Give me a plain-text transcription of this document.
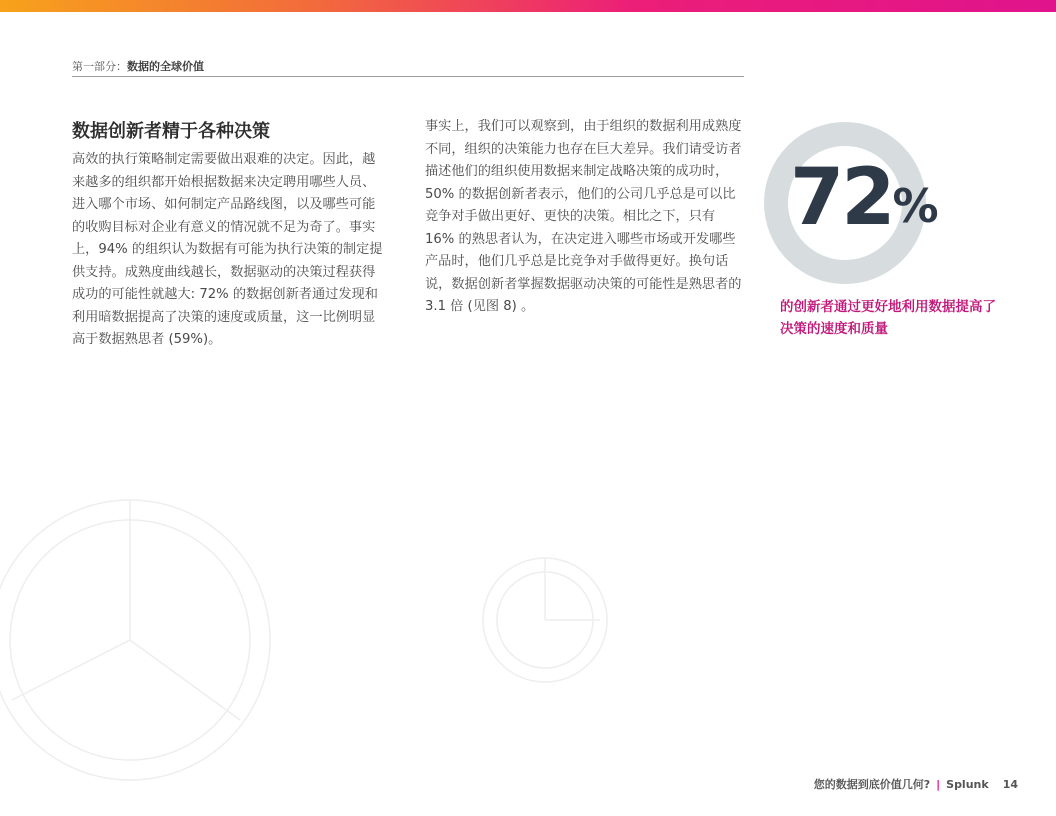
第一部分：数据的全球价值
数据创新者精于各种决策

高效的执行策略制定需要做出艰难的决定。因此，越来越多的组织都开始根据数据来决定聘用哪些人员、进入哪个市场、如何制定产品路线图，以及哪些可能的收购目标对企业有意义的情况就不足为奇了。事实上，94% 的组织认为数据有可能为执行决策的制定提供支持。成熟度曲线越长，数据驱动的决策过程获得成功的可能性就越大: 72% 的数据创新者通过发现和利用暗数据提高了决策的速度或质量，这一比例明显高于数据熟思者 (59%)。

事实上，我们可以观察到，由于组织的数据利用成熟度不同，组织的决策能力也存在巨大差异。我们请受访者描述他们的组织使用数据来制定战略决策的成功时，50% 的数据创新者表示，他们的公司几乎总是可以比竞争对手做出更好、更快的决策。相比之下，只有 16% 的熟思者认为，在决定进入哪些市场或开发哪些产品时，他们几乎总是比竞争对手做得更好。换句话说，数据创新者掌握数据驱动决策的可能性是熟思者的3.1 倍 (见图 8) 。

72%

的创新者通过更好地利用数据提高了决策的速度和质量

您的数据到底价值几何? | Splunk 14
